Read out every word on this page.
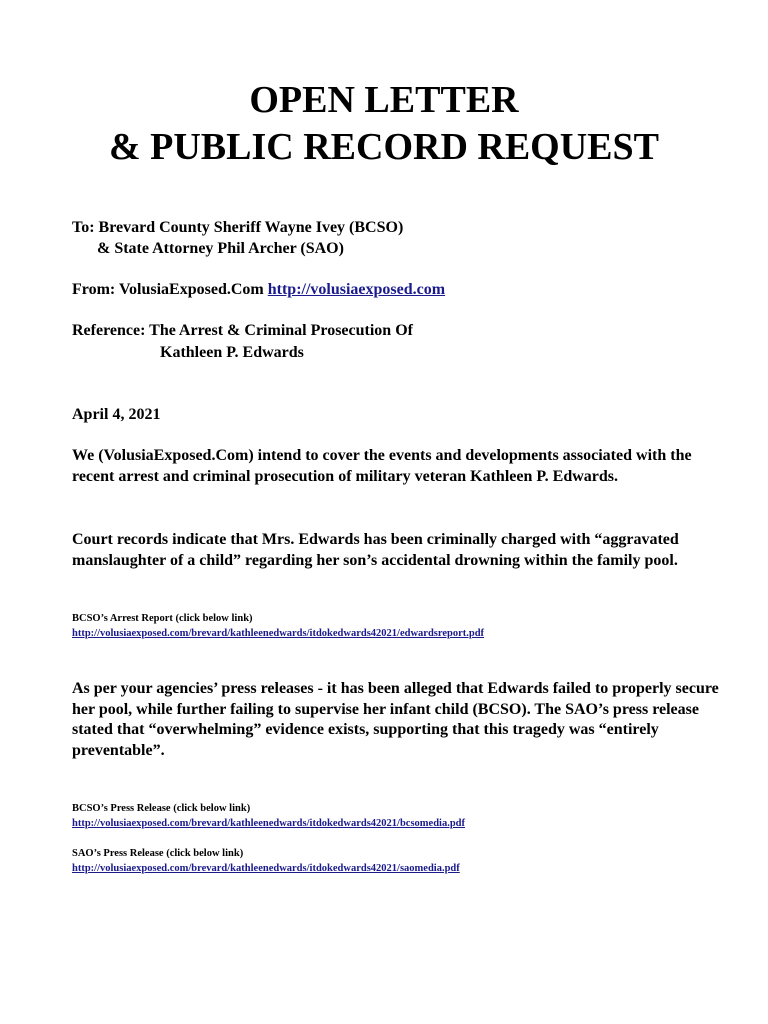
OPEN LETTER
& PUBLIC RECORD REQUEST

To: Brevard County Sheriff Wayne Ivey (BCSO)

& State Attorney Phil Archer (SAO)

From: VolusiaExposed.Com http://volusiaexposed.com

Reference: The Arrest & Criminal Prosecution Of

Kathleen P. Edwards

April 4, 2021

We (VolusiaExposed.Com) intend to cover the events and developments associated with the recent arrest and criminal prosecution of military veteran Kathleen P. Edwards.

Court records indicate that Mrs. Edwards has been criminally charged with “aggravated manslaughter of a child” regarding her son’s accidental drowning within the family pool.

BCSO’s Arrest Report (click below link)

http://volusiaexposed.com/brevard/kathleenedwards/itdokedwards42021/edwardsreport.pdf

As per your agencies’ press releases - it has been alleged that Edwards failed to properly secure her pool, while further failing to supervise her infant child (BCSO). The SAO’s press release stated that “overwhelming” evidence exists, supporting that this tragedy was “entirely preventable”.

BCSO’s Press Release (click below link)

http://volusiaexposed.com/brevard/kathleenedwards/itdokedwards42021/bcsomedia.pdf

SAO’s Press Release (click below link)

http://volusiaexposed.com/brevard/kathleenedwards/itdokedwards42021/saomedia.pdf
